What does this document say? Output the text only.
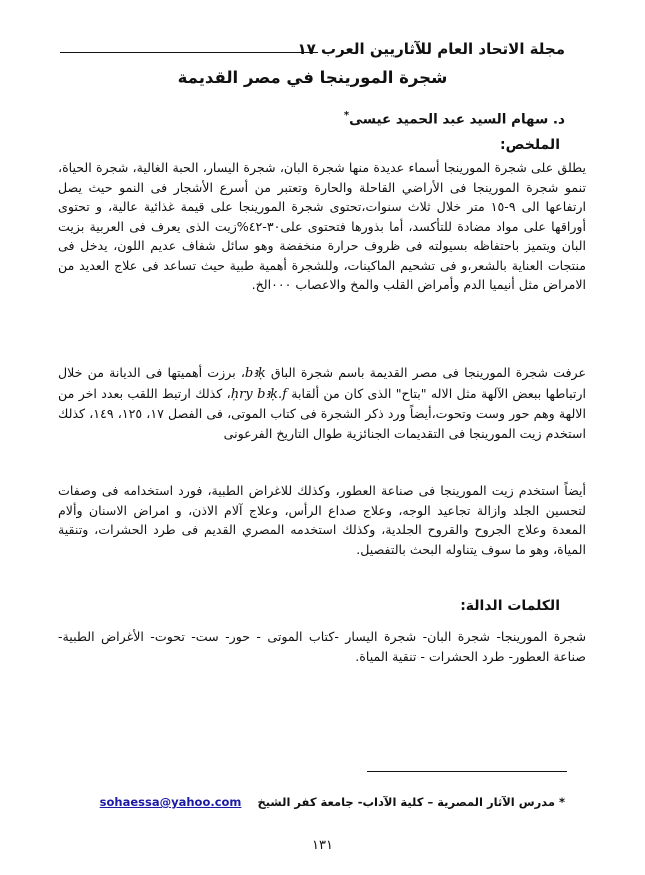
مجلة الاتحاد العام للآثاريين العرب ١٧
شجرة المورينجا في مصر القديمة
د. سهام السيد عبد الحميد عيسى*
الملخص:

يطلق على شجرة المورينجا أسماء عديدة منها شجرة البان، شجرة اليسار، الحبة الغالية، شجرة الحياة، تنمو شجرة المورينجا فى الأراضي القاحلة والحارة وتعتبر من أسرع الأشجار فى النمو حيث يصل ارتفاعها الى ٩-١٥ متر خلال ثلاث سنوات،تحتوى شجرة المورينجا على قيمة غذائية عالية، و تحتوى أوراقها على مواد مضادة للتأكسد، أما بذورها فتحتوى على٣٠-٤٢%زيت الذى يعرف فى العربية بزيت البان ويتميز باحتفاظه بسيولته فى ظروف حرارة منخفضة وهو سائل شفاف عديم اللون، يدخل فى منتجات العناية بالشعر،و فى تشحيم الماكينات، وللشجرة أهمية طبية حيث تساعد فى علاج العديد من الامراض مثل أنيميا الدم وأمراض القلب والمخ والاعصاب ٠٠٠الخ.

عرفت شجرة المورينجا فى مصر القديمة باسم شجرة الباق bꜣḳ، برزت أهميتها فى الديانة من خلال ارتباطها ببعض الآلهة مثل الاله "بتاح" الذى كان من ألقابة ḥry bꜣḳ.f، كذلك ارتبط اللقب بعدد اخر من الالهة وهم حور وست وتحوت،أيضاً ورد ذكر الشجرة فى كتاب الموتى، فى الفصل ١٧، ١٢٥، ١٤٩، كذلك استخدم زيت المورينجا فى التقديمات الجنائزية طوال التاريخ الفرعونى

أيضاً استخدم زيت المورينجا فى صناعة العطور، وكذلك للاغراض الطبية، فورد استخدامه فى وصفات لتحسين الجلد وازالة تجاعيد الوجه، وعلاج صداع الرأس، وعلاج آلام الاذن، و امراض الاسنان وألام المعدة وعلاج الجروح والقروح الجلدية، وكذلك استخدمه المصري القديم فى طرد الحشرات، وتنقية المياة، وهو ما سوف يتناوله البحث بالتفصيل.

الكلمات الدالة:

شجرة المورينجا- شجرة البان- شجرة اليسار -كتاب الموتى - حور- ست- تحوت- الأغراض الطبية- صناعة العطور- طرد الحشرات - تنقية المياة.

* مدرس الآثار المصرية – كلية الآداب- جامعة كفر الشيخ    sohaessa@yahoo.com
١٣١
